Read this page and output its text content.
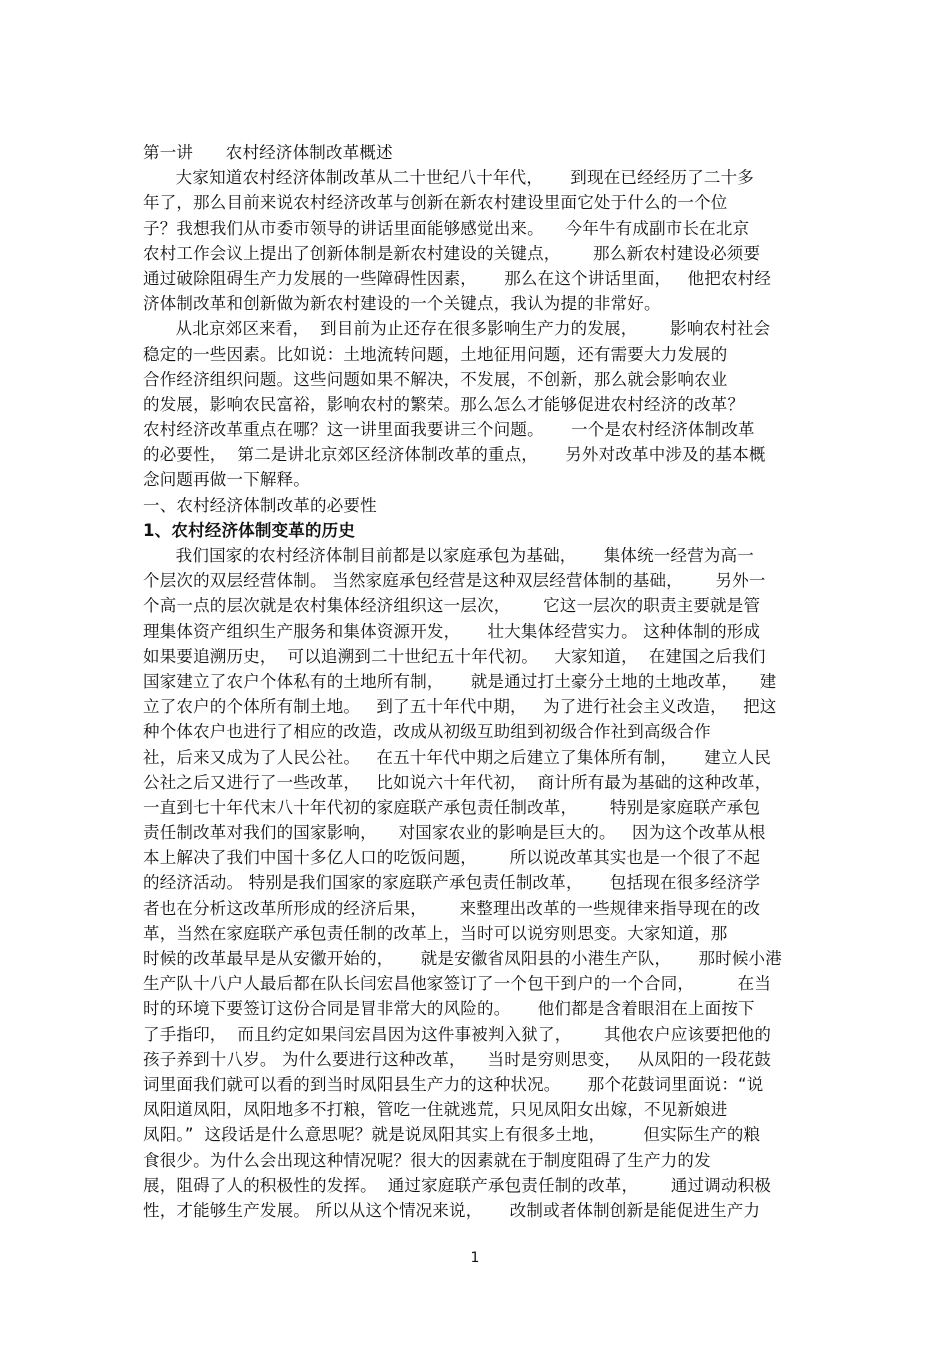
第一讲      农村经济体制改革概述
大家知道农村经济体制改革从二十世纪八十年代，     到现在已经经历了二十多
年了，那么目前来说农村经济改革与创新在新农村建设里面它处于什么的一个位
子？我想我们从市委市领导的讲话里面能够感觉出来。    今年牛有成副市长在北京
农村工作会议上提出了创新体制是新农村建设的关键点，      那么新农村建设必须要
通过破除阻碍生产力发展的一些障碍性因素，     那么在这个讲话里面，   他把农村经
济体制改革和创新做为新农村建设的一个关键点，我认为提的非常好。
从北京郊区来看，  到目前为止还存在很多影响生产力的发展，      影响农村社会
稳定的一些因素。比如说：土地流转问题，土地征用问题，还有需要大力发展的
合作经济组织问题。这些问题如果不解决，不发展，不创新，那么就会影响农业
的发展，影响农民富裕，影响农村的繁荣。那么怎么才能够促进农村经济的改革？
农村经济改革重点在哪？这一讲里面我要讲三个问题。     一个是农村经济体制改革
的必要性，  第二是讲北京郊区经济体制改革的重点，     另外对改革中涉及的基本概
念问题再做一下解释。
一、农村经济体制改革的必要性
1、农村经济体制变革的历史
我们国家的农村经济体制目前都是以家庭承包为基础，     集体统一经营为高一
个层次的双层经营体制。 当然家庭承包经营是这种双层经营体制的基础，      另外一
个高一点的层次就是农村集体经济组织这一层次，      它这一层次的职责主要就是管
理集体资产组织生产服务和集体资源开发，     壮大集体经营实力。 这种体制的形成
如果要追溯历史，  可以追溯到二十世纪五十年代初。   大家知道，  在建国之后我们
国家建立了农户个体私有的土地所有制，     就是通过打土豪分土地的土地改革，    建
立了农户的个体所有制土地。   到了五十年代中期，   为了进行社会主义改造，   把这
种个体农户也进行了相应的改造，改成从初级互助组到初级合作社到高级合作
社，后来又成为了人民公社。   在五十年代中期之后建立了集体所有制，     建立人民
公社之后又进行了一些改革，   比如说六十年代初，  商计所有最为基础的这种改革，
一直到七十年代末八十年代初的家庭联产承包责任制改革，      特别是家庭联产承包
责任制改革对我们的国家影响，    对国家农业的影响是巨大的。   因为这个改革从根
本上解决了我们中国十多亿人口的吃饭问题，      所以说改革其实也是一个很了不起
的经济活动。 特别是我们国家的家庭联产承包责任制改革，     包括现在很多经济学
者也在分析这改革所形成的经济后果，      来整理出改革的一些规律来指导现在的改
革，当然在家庭联产承包责任制的改革上，当时可以说穷则思变。大家知道，那
时候的改革最早是从安徽开始的，     就是安徽省凤阳县的小港生产队，     那时候小港
生产队十八户人最后都在队长闫宏昌他家签订了一个包干到户的一个合同，        在当
时的环境下要签订这份合同是冒非常大的风险的。     他们都是含着眼泪在上面按下
了手指印，  而且约定如果闫宏昌因为这件事被判入狱了，      其他农户应该要把他的
孩子养到十八岁。 为什么要进行这种改革，    当时是穷则思变，   从凤阳的一段花鼓
词里面我们就可以看的到当时凤阳县生产力的这种状况。     那个花鼓词里面说：“说
凤阳道凤阳，凤阳地多不打粮，管吃一住就逃荒，只见凤阳女出嫁，不见新娘进
凤阳。”  这段话是什么意思呢？就是说凤阳其实上有很多土地，       但实际生产的粮
食很少。为什么会出现这种情况呢？很大的因素就在于制度阻碍了生产力的发
展，阻碍了人的积极性的发挥。  通过家庭联产承包责任制的改革，      通过调动积极
性，才能够生产发展。 所以从这个情况来说，     改制或者体制创新是能促进生产力
1
